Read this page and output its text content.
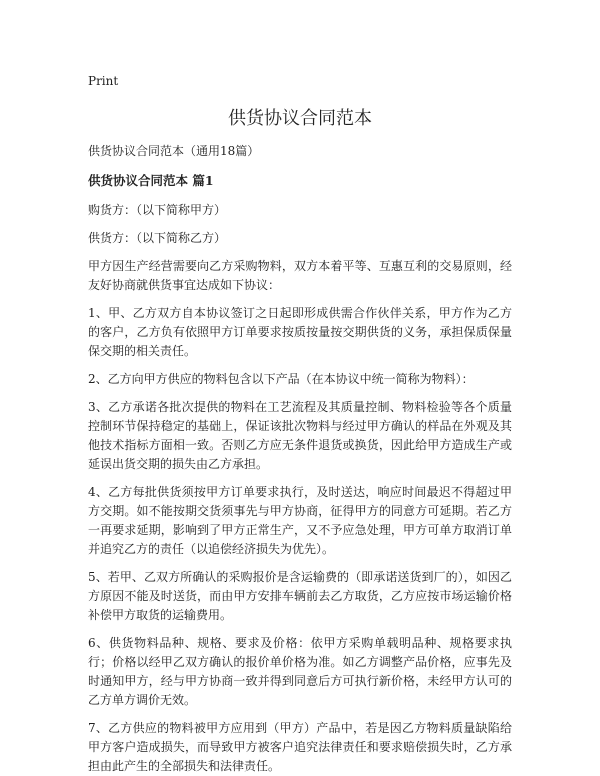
Print
供货协议合同范本

供货协议合同范本（通用18篇）

供货协议合同范本 篇1

购货方：（以下简称甲方）

供货方：（以下简称乙方）

甲方因生产经营需要向乙方采购物料，双方本着平等、互惠互利的交易原则，经友好协商就供货事宜达成如下协议：

1、甲、乙方双方自本协议签订之日起即形成供需合作伙伴关系，甲方作为乙方的客户，乙方负有依照甲方订单要求按质按量按交期供货的义务，承担保质保量保交期的相关责任。

2、乙方向甲方供应的物料包含以下产品（在本协议中统一简称为物料）：

3、乙方承诺各批次提供的物料在工艺流程及其质量控制、物料检验等各个质量控制环节保持稳定的基础上，保证该批次物料与经过甲方确认的样品在外观及其他技术指标方面相一致。否则乙方应无条件退货或换货，因此给甲方造成生产或延误出货交期的损失由乙方承担。

4、乙方每批供货须按甲方订单要求执行，及时送达，响应时间最迟不得超过甲方交期。如不能按期交货须事先与甲方协商，征得甲方的同意方可延期。若乙方一再要求延期，影响到了甲方正常生产，又不予应急处理，甲方可单方取消订单并追究乙方的责任（以追偿经济损失为优先）。

5、若甲、乙双方所确认的采购报价是含运输费的（即承诺送货到厂的），如因乙方原因不能及时送货，而由甲方安排车辆前去乙方取货，乙方应按市场运输价格补偿甲方取货的运输费用。

6、供货物料品种、规格、要求及价格：依甲方采购单载明品种、规格要求执行；价格以经甲乙双方确认的报价单价格为准。如乙方调整产品价格，应事先及时通知甲方，经与甲方协商一致并得到同意后方可执行新价格，未经甲方认可的乙方单方调价无效。

7、乙方供应的物料被甲方应用到（甲方）产品中，若是因乙方物料质量缺陷给甲方客户造成损失，而导致甲方被客户追究法律责任和要求赔偿损失时，乙方承担由此产生的全部损失和法律责任。
